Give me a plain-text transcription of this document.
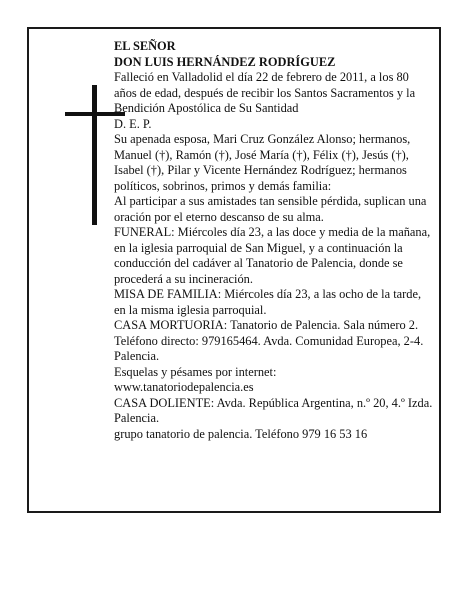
EL SEÑOR

DON LUIS HERNÁNDEZ RODRÍGUEZ

Falleció en Valladolid el día 22 de febrero de 2011, a los 80 años de edad, después de recibir los Santos Sacramentos y la Bendición Apostólica de Su Santidad

D. E. P.

Su apenada esposa, Mari Cruz González Alonso; hermanos, Manuel (†), Ramón (†), José María (†), Félix (†), Jesús (†), Isabel (†), Pilar y Vicente Hernández Rodríguez; hermanos políticos, sobrinos, primos y demás familia:

Al participar a sus amistades tan sensible pérdida, suplican una oración por el eterno descanso de su alma.

FUNERAL: Miércoles día 23, a las doce y media de la mañana, en la iglesia parroquial de San Miguel, y a continuación la conducción del cadáver al Tanatorio de Palencia, donde se procederá a su incineración.

MISA DE FAMILIA: Miércoles día 23, a las ocho de la tarde, en la misma iglesia parroquial.

CASA MORTUORIA: Tanatorio de Palencia. Sala número 2. Teléfono directo: 979165464. Avda. Comunidad Europea, 2-4. Palencia.

Esquelas y pésames por internet:

www.tanatoriodepalencia.es

CASA DOLIENTE: Avda. República Argentina, n.º 20, 4.º Izda. Palencia.

grupo tanatorio de palencia. Teléfono 979 16 53 16
